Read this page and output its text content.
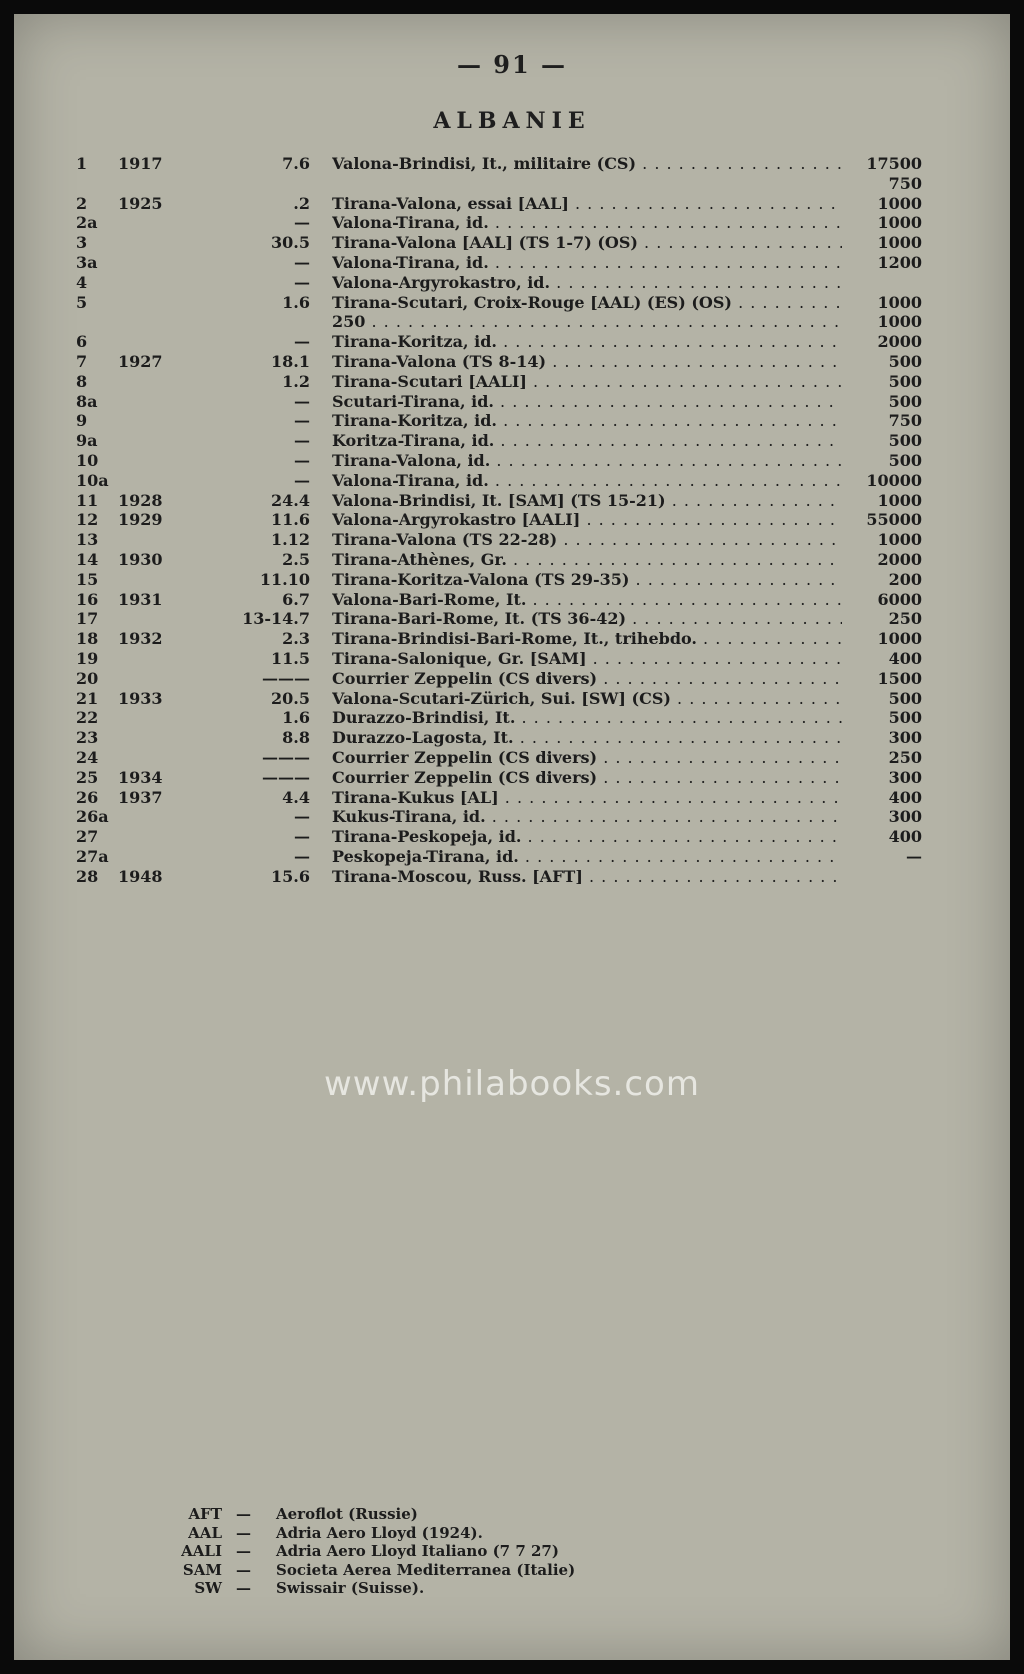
— 91 —
ALBANIE
1 1917	7.6 Valona-Brindisi, It., militaire (CS) . . .	17500
750
2 1925	.2 Tirana-Valona, essai [AAL] . . .	1000
2a	— Valona-Tirana, id. . . .	1000
3	30.5 Tirana-Valona [AAL] (TS 1-7) (OS) . . .	1000
3a	— Valona-Tirana, id. . . .	1200
4	— Valona-Argyrokastro, id. . . .
5	1.6 Tirana-Scutari, Croix-Rouge [AAL) (ES) (OS) . . .	1000
250 . . .	1000
6	— Tirana-Koritza, id. . . .	2000
7 1927	18.1 Tirana-Valona (TS 8-14) . . .	500
8	1.2 Tirana-Scutari [AALI] . . .	500
8a	— Scutari-Tirana, id. . . .	500
9	— Tirana-Koritza, id. . . .	750
9a	— Koritza-Tirana, id. . . .	500
10	— Tirana-Valona, id. . . .	500
10a	— Valona-Tirana, id. . . .	10000
11 1928	24.4 Valona-Brindisi, It. [SAM] (TS 15-21) . . .	1000
12 1929	11.6 Valona-Argyrokastro [AALI] . . .	55000
13	1.12 Tirana-Valona (TS 22-28) . . .	1000
14 1930	2.5 Tirana-Athènes, Gr. . . .	2000
15	11.10 Tirana-Koritza-Valona (TS 29-35) . . .	200
16 1931	6.7 Valona-Bari-Rome, It. . . .	6000
17	13-14.7 Tirana-Bari-Rome, It. (TS 36-42) . . .	250
18 1932	2.3 Tirana-Brindisi-Bari-Rome, It., trihebdo. . . .	1000
19	11.5 Tirana-Salonique, Gr. [SAM] . . .	400
20	——— Courrier Zeppelin (CS divers) . . .	1500
21 1933	20.5 Valona-Scutari-Zürich, Sui. [SW] (CS) . . .	500
22	1.6 Durazzo-Brindisi, It. . . .	500
23	8.8 Durazzo-Lagosta, It. . . .	300
24	——— Courrier Zeppelin (CS divers) . . .	250
25 1934	——— Courrier Zeppelin (CS divers) . . .	300
26 1937	4.4 Tirana-Kukus [AL] . . .	400
26a	— Kukus-Tirana, id. . . .	300
27	— Tirana-Peskopeja, id. . . .	400
27a	— Peskopeja-Tirana, id. . . .	—
28 1948	15.6 Tirana-Moscou, Russ. [AFT] . . .
www.philabooks.com
AFT — Aeroflot (Russie)
AAL — Adria Aero Lloyd (1924).
AALI — Adria Aero Lloyd Italiano (7 7 27)
SAM — Societa Aerea Mediterranea (Italie)
SW — Swissair (Suisse).
